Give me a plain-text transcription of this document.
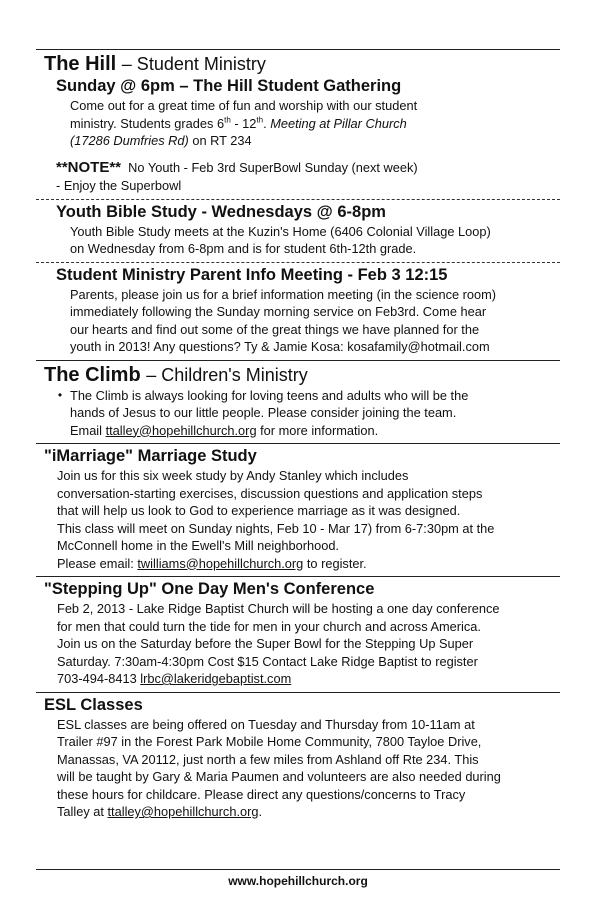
The Hill – Student Ministry
Sunday @ 6pm – The Hill Student Gathering
Come out for a great time of fun and worship with our student
ministry. Students grades 6th - 12th. Meeting at Pillar Church
(17286 Dumfries Rd) on RT 234
**NOTE** No Youth - Feb 3rd SuperBowl Sunday (next week)
- Enjoy the Superbowl
Youth Bible Study - Wednesdays @ 6-8pm
Youth Bible Study meets at the Kuzin's Home (6406 Colonial Village Loop)
on Wednesday from 6-8pm and is for student 6th-12th grade.
Student Ministry Parent Info Meeting - Feb 3 12:15
Parents, please join us for a brief information meeting (in the science room)
immediately following the Sunday morning service on Feb3rd. Come hear
our hearts and find out some of the great things we have planned for the
youth in 2013! Any questions? Ty & Jamie Kosa: kosafamily@hotmail.com
The Climb – Children's Ministry
• The Climb is always looking for loving teens and adults who will be the
hands of Jesus to our little people. Please consider joining the team.
Email ttalley@hopehillchurch.org for more information.
"iMarriage" Marriage Study
Join us for this six week study by Andy Stanley which includes
conversation-starting exercises, discussion questions and application steps
that will help us look to God to experience marriage as it was designed.
This class will meet on Sunday nights, Feb 10 - Mar 17) from 6-7:30pm at the
McConnell home in the Ewell's Mill neighborhood.
Please email: twilliams@hopehillchurch.org to register.
"Stepping Up" One Day Men's Conference
Feb 2, 2013 - Lake Ridge Baptist Church will be hosting a one day conference
for men that could turn the tide for men in your church and across America.
Join us on the Saturday before the Super Bowl for the Stepping Up Super
Saturday. 7:30am-4:30pm Cost $15 Contact Lake Ridge Baptist to register
703-494-8413 lrbc@lakeridgebaptist.com
ESL Classes
ESL classes are being offered on Tuesday and Thursday from 10-11am at
Trailer #97 in the Forest Park Mobile Home Community, 7800 Tayloe Drive,
Manassas, VA 20112, just north a few miles from Ashland off Rte 234. This
will be taught by Gary & Maria Paumen and volunteers are also needed during
these hours for childcare. Please direct any questions/concerns to Tracy
Talley at ttalley@hopehillchurch.org.
www.hopehillchurch.org
